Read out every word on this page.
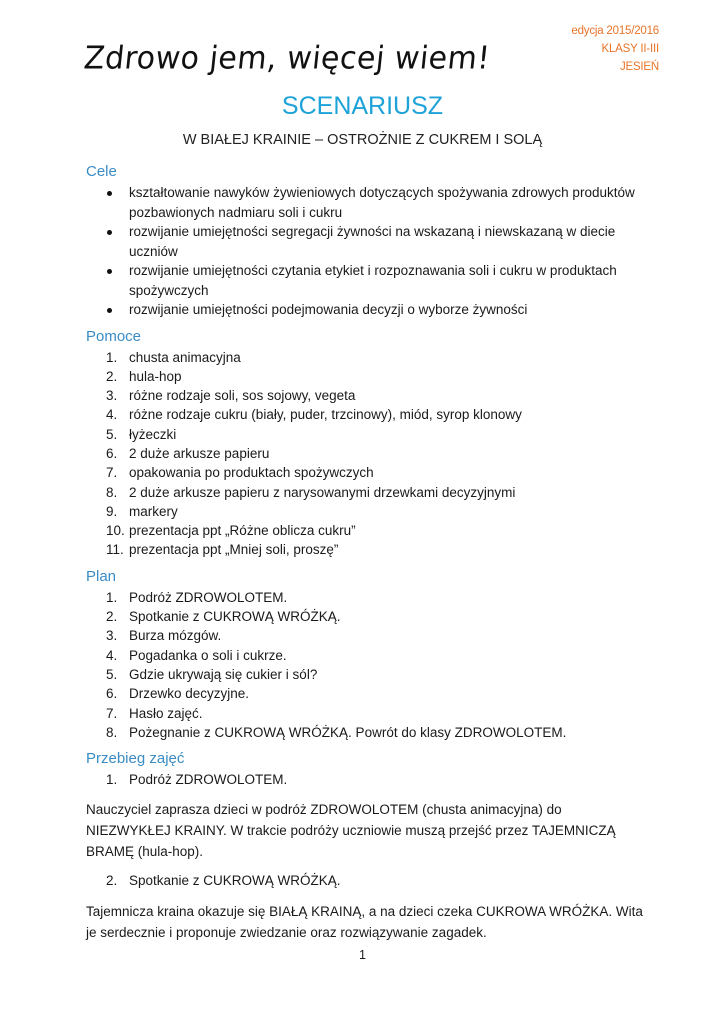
edycja 2015/2016
KLASY II-III
JESIEŃ
Zdrowo jem, więcej wiem!
SCENARIUSZ
W BIAŁEJ KRAINIE – OSTROŻNIE Z CUKREM I SOLĄ
Cele
kształtowanie nawyków żywieniowych dotyczących spożywania zdrowych produktów pozbawionych nadmiaru soli i cukru
rozwijanie umiejętności segregacji żywności na wskazaną i niewskazaną w diecie uczniów
rozwijanie umiejętności czytania etykiet i rozpoznawania soli i cukru w produktach spożywczych
rozwijanie umiejętności podejmowania decyzji o wyborze żywności
Pomoce
1. chusta animacyjna
2. hula-hop
3. różne rodzaje soli, sos sojowy, vegeta
4. różne rodzaje cukru (biały, puder, trzcinowy), miód, syrop klonowy
5. łyżeczki
6. 2 duże arkusze papieru
7. opakowania po produktach spożywczych
8. 2 duże arkusze papieru z narysowanymi drzewkami decyzyjnymi
9. markery
10. prezentacja ppt „Różne oblicza cukru”
11. prezentacja ppt „Mniej soli, proszę”
Plan
1. Podróż ZDROWOLOTEM.
2. Spotkanie z CUKROWĄ WRÓŻKĄ.
3. Burza mózgów.
4. Pogadanka o soli i cukrze.
5. Gdzie ukrywają się cukier i sól?
6. Drzewko decyzyjne.
7. Hasło zajęć.
8. Pożegnanie z CUKROWĄ WRÓŻKĄ. Powrót do klasy ZDROWOLOTEM.
Przebieg zajęć
1. Podróż ZDROWOLOTEM.

Nauczyciel zaprasza dzieci w podróż ZDROWOLOTEM (chusta animacyjna) do NIEZWYKŁEJ KRAINY. W trakcie podróży uczniowie muszą przejść przez TAJEMNICZĄ BRAMĘ (hula-hop).

2. Spotkanie z CUKROWĄ WRÓŻKĄ.

Tajemnicza kraina okazuje się BIAŁĄ KRAINĄ, a na dzieci czeka CUKROWA WRÓŻKA. Wita je serdecznie i proponuje zwiedzanie oraz rozwiązywanie zagadek.

1
